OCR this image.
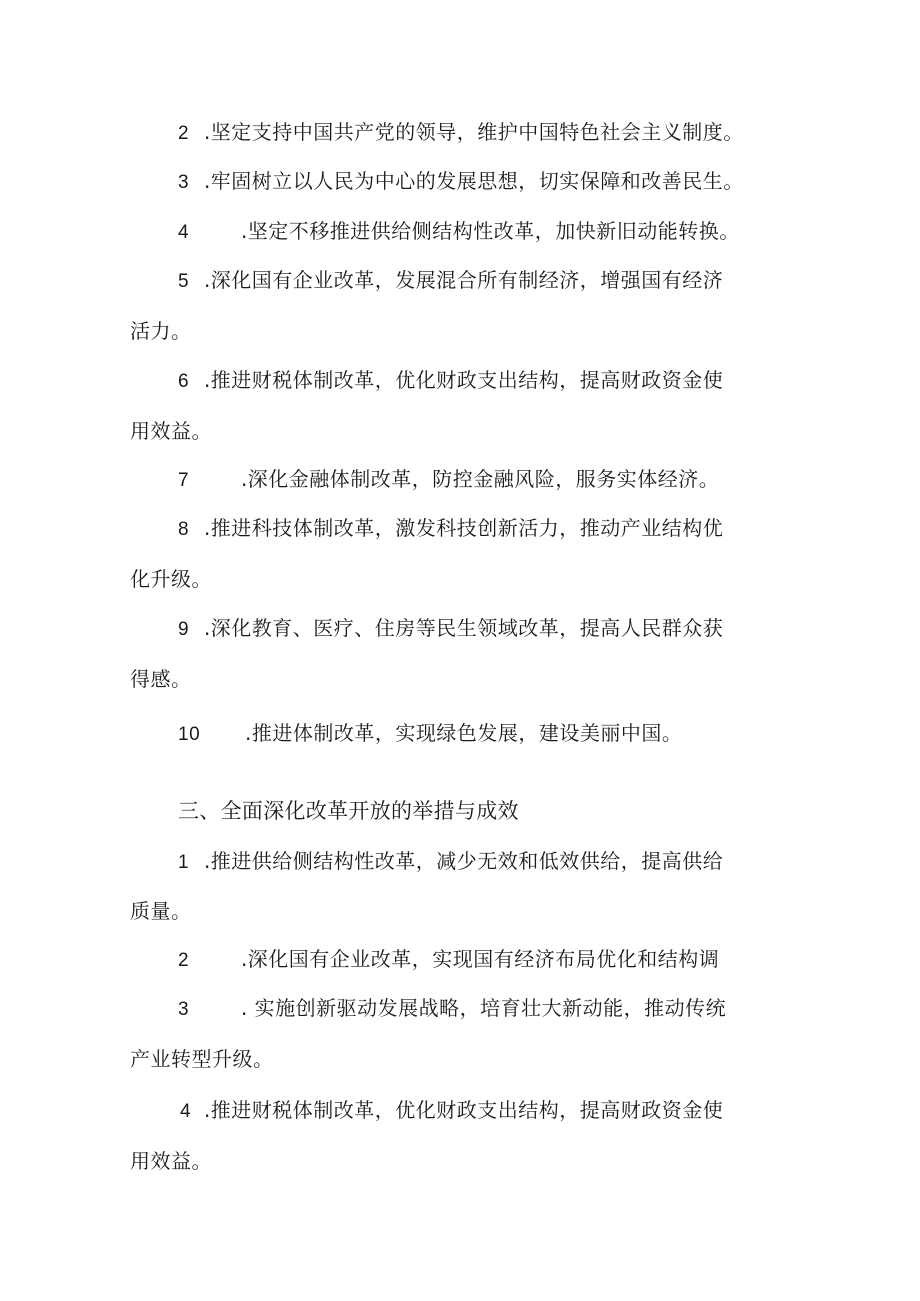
2 .坚定支持中国共产党的领导，维护中国特色社会主义制度。
3 .牢固树立以人民为中心的发展思想，切实保障和改善民生。
4	.坚定不移推进供给侧结构性改革，加快新旧动能转换。
5 .深化国有企业改革，发展混合所有制经济，增强国有经济
活力。
6 .推进财税体制改革，优化财政支出结构，提高财政资金使
用效益。
7	.深化金融体制改革，防控金融风险，服务实体经济。
8 .推进科技体制改革，激发科技创新活力，推动产业结构优
化升级。
9 .深化教育、医疗、住房等民生领域改革，提高人民群众获
得感。
10 .推进体制改革，实现绿色发展，建设美丽中国。
三、全面深化改革开放的举措与成效
1 .推进供给侧结构性改革，减少无效和低效供给，提高供给
质量。
2	.深化国有企业改革，实现国有经济布局优化和结构调
3	. 实施创新驱动发展战略，培育壮大新动能，推动传统
产业转型升级。
4 .推进财税体制改革，优化财政支出结构，提高财政资金使
用效益。
